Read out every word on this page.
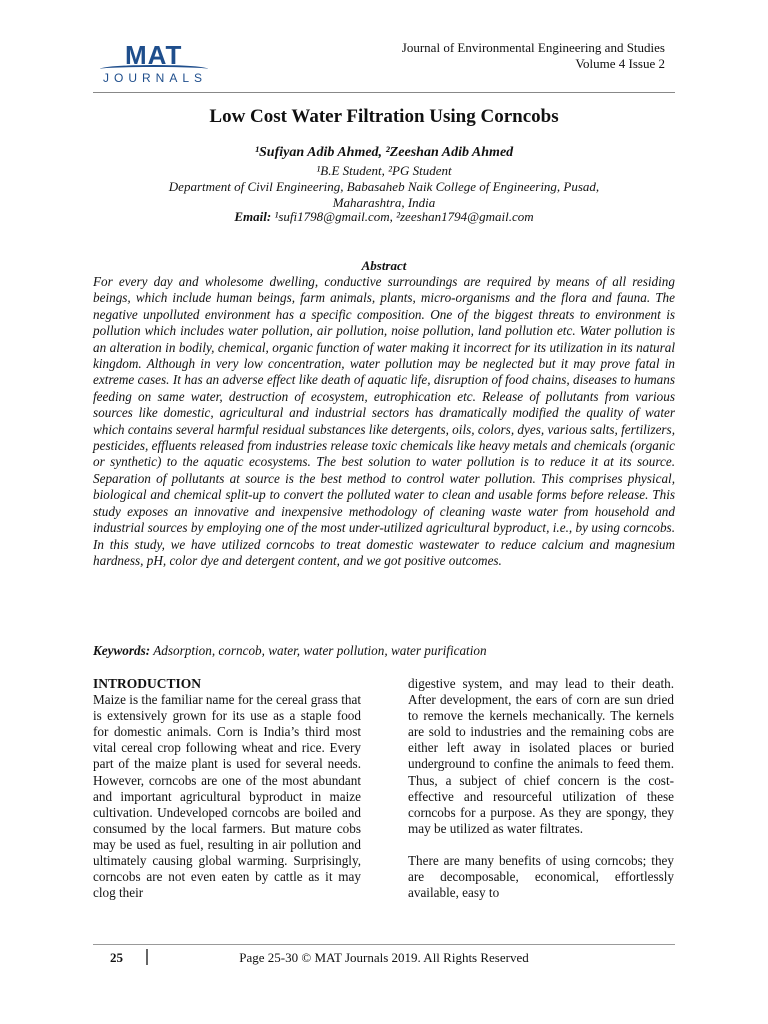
MAT
JOURNALS
Journal of Environmental Engineering and Studies
Volume 4 Issue 2
Low Cost Water Filtration Using Corncobs
¹Sufiyan Adib Ahmed, ²Zeeshan Adib Ahmed
¹B.E Student, ²PG Student
Department of Civil Engineering, Babasaheb Naik College of Engineering, Pusad,
Maharashtra, India
Email: ¹sufi1798@gmail.com, ²zeeshan1794@gmail.com
Abstract
For every day and wholesome dwelling, conductive surroundings are required by means of all residing beings, which include human beings, farm animals, plants, micro-organisms and the flora and fauna. The negative unpolluted environment has a specific composition. One of the biggest threats to environment is pollution which includes water pollution, air pollution, noise pollution, land pollution etc. Water pollution is an alteration in bodily, chemical, organic function of water making it incorrect for its utilization in its natural kingdom. Although in very low concentration, water pollution may be neglected but it may prove fatal in extreme cases. It has an adverse effect like death of aquatic life, disruption of food chains, diseases to humans feeding on same water, destruction of ecosystem, eutrophication etc. Release of pollutants from various sources like domestic, agricultural and industrial sectors has dramatically modified the quality of water which contains several harmful residual substances like detergents, oils, colors, dyes, various salts, fertilizers, pesticides, effluents released from industries release toxic chemicals like heavy metals and chemicals (organic or synthetic) to the aquatic ecosystems. The best solution to water pollution is to reduce it at its source. Separation of pollutants at source is the best method to control water pollution. This comprises physical, biological and chemical split-up to convert the polluted water to clean and usable forms before release. This study exposes an innovative and inexpensive methodology of cleaning waste water from household and industrial sources by employing one of the most under-utilized agricultural byproduct, i.e., by using corncobs. In this study, we have utilized corncobs to treat domestic wastewater to reduce calcium and magnesium hardness, pH, color dye and detergent content, and we got positive outcomes.
Keywords: Adsorption, corncob, water, water pollution, water purification
INTRODUCTION
Maize is the familiar name for the cereal grass that is extensively grown for its use as a staple food for domestic animals. Corn is India’s third most vital cereal crop following wheat and rice. Every part of the maize plant is used for several needs. However, corncobs are one of the most abundant and important agricultural byproduct in maize cultivation. Undeveloped corncobs are boiled and consumed by the local farmers. But mature cobs may be used as fuel, resulting in air pollution and ultimately causing global warming. Surprisingly, corncobs are not even eaten by cattle as it may clog their
digestive system, and may lead to their death. After development, the ears of corn are sun dried to remove the kernels mechanically. The kernels are sold to industries and the remaining cobs are either left away in isolated places or buried underground to confine the animals to feed them. Thus, a subject of chief concern is the cost-effective and resourceful utilization of these corncobs for a purpose. As they are spongy, they may be utilized as water filtrates.
There are many benefits of using corncobs; they are decomposable, economical, effortlessly available, easy to
25	Page 25-30 © MAT Journals 2019. All Rights Reserved
